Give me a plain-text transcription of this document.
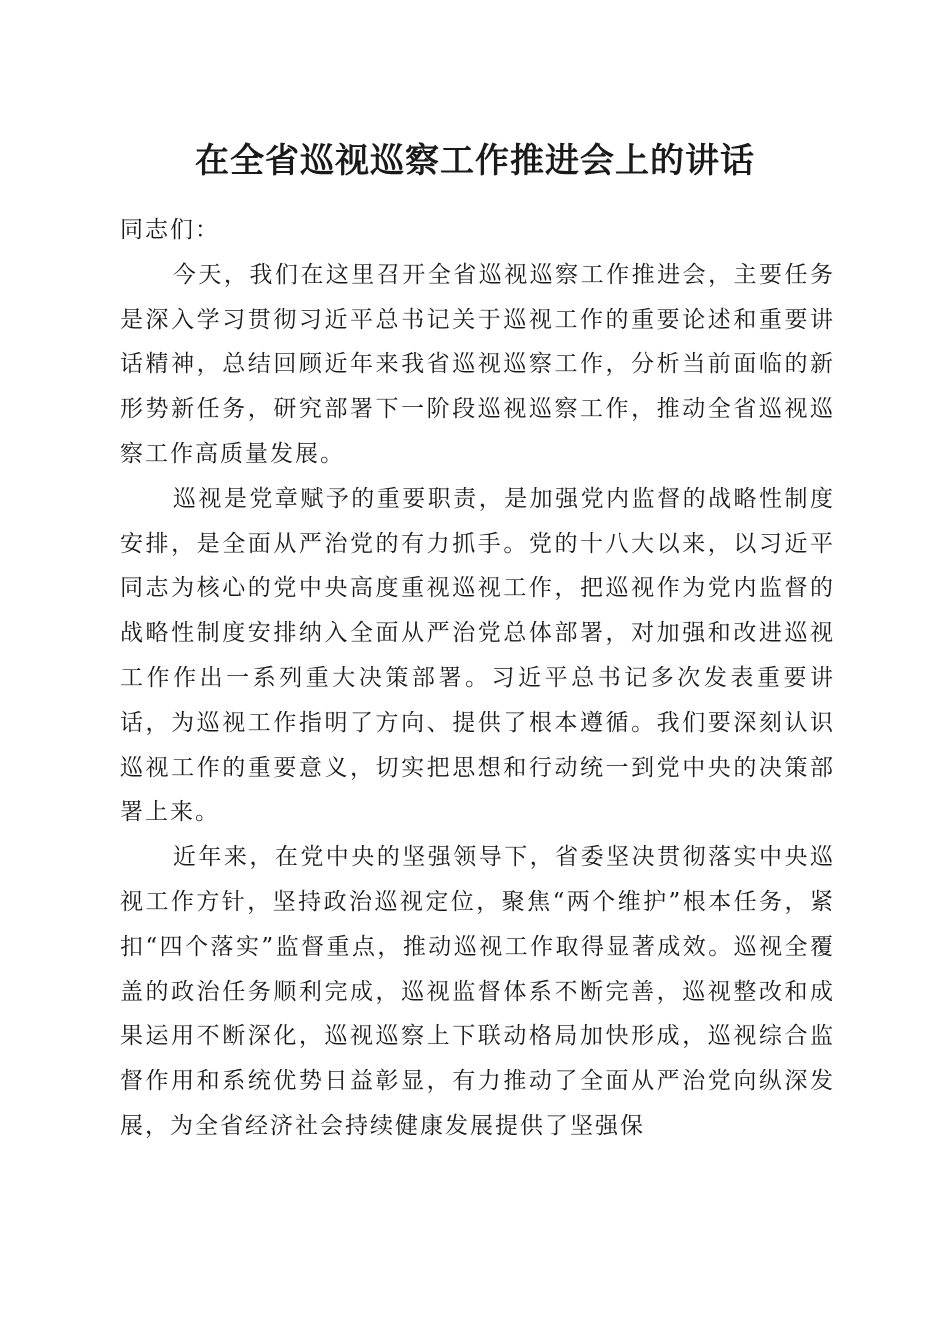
在全省巡视巡察工作推进会上的讲话

同志们：

今天，我们在这里召开全省巡视巡察工作推进会，主要任务是深入学习贯彻习近平总书记关于巡视工作的重要论述和重要讲话精神，总结回顾近年来我省巡视巡察工作，分析当前面临的新形势新任务，研究部署下一阶段巡视巡察工作，推动全省巡视巡察工作高质量发展。

巡视是党章赋予的重要职责，是加强党内监督的战略性制度安排，是全面从严治党的有力抓手。党的十八大以来，以习近平同志为核心的党中央高度重视巡视工作，把巡视作为党内监督的战略性制度安排纳入全面从严治党总体部署，对加强和改进巡视工作作出一系列重大决策部署。习近平总书记多次发表重要讲话，为巡视工作指明了方向、提供了根本遵循。我们要深刻认识巡视工作的重要意义，切实把思想和行动统一到党中央的决策部署上来。

近年来，在党中央的坚强领导下，省委坚决贯彻落实中央巡视工作方针，坚持政治巡视定位，聚焦“两个维护”根本任务，紧扣“四个落实”监督重点，推动巡视工作取得显著成效。巡视全覆盖的政治任务顺利完成，巡视监督体系不断完善，巡视整改和成果运用不断深化，巡视巡察上下联动格局加快形成，巡视综合监督作用和系统优势日益彰显，有力推动了全面从严治党向纵深发展，为全省经济社会持续健康发展提供了坚强保
